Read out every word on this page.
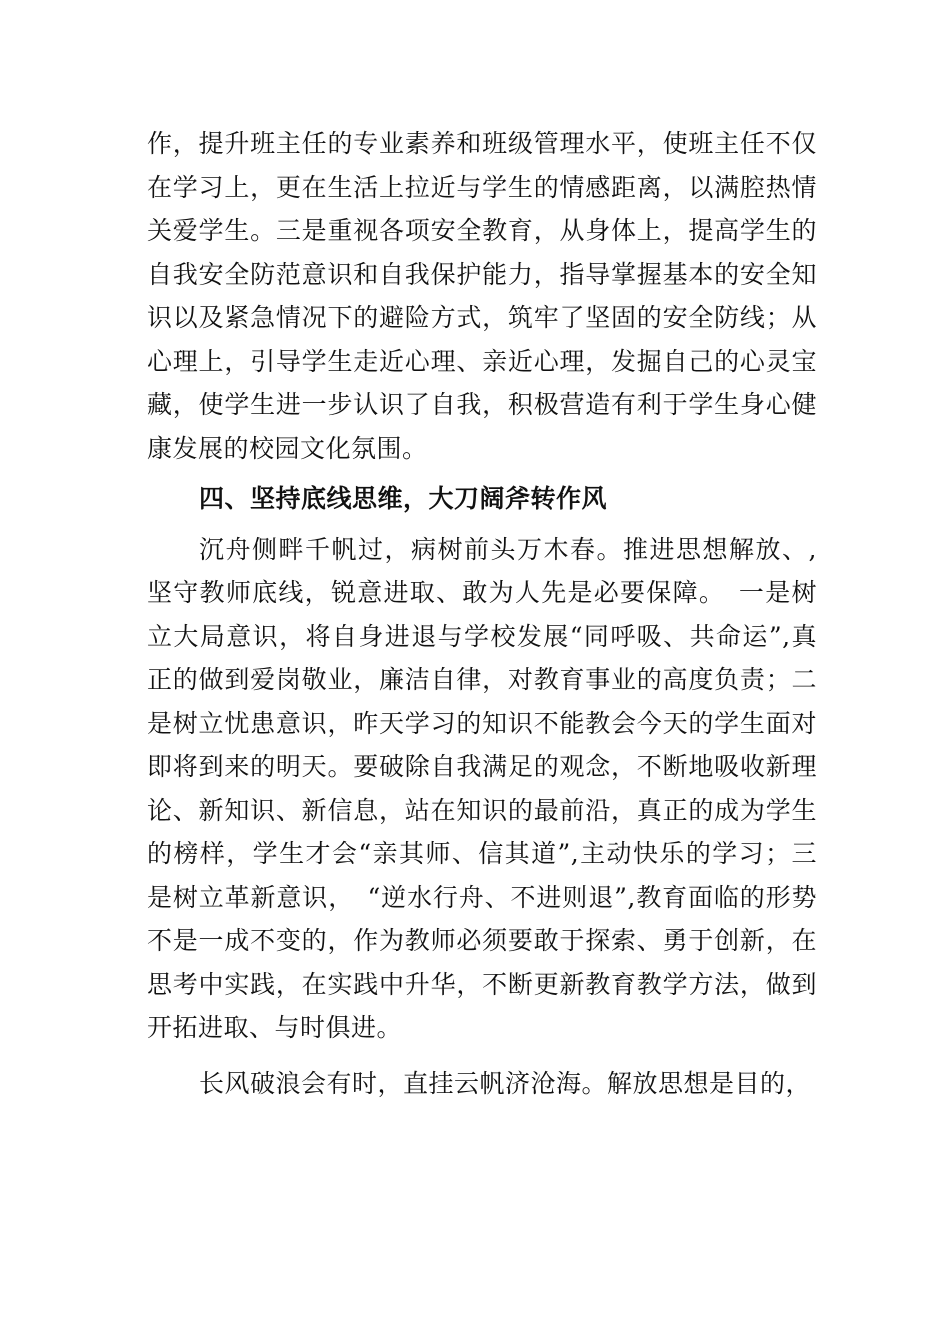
作，提升班主任的专业素养和班级管理水平，使班主任不仅在学习上，更在生活上拉近与学生的情感距离，以满腔热情关爱学生。三是重视各项安全教育，从身体上，提高学生的自我安全防范意识和自我保护能力，指导掌握基本的安全知识以及紧急情况下的避险方式，筑牢了坚固的安全防线；从心理上，引导学生走近心理、亲近心理，发掘自己的心灵宝藏，使学生进一步认识了自我，积极营造有利于学生身心健康发展的校园文化氛围。

四、坚持底线思维，大刀阔斧转作风

沉舟侧畔千帆过，病树前头万木春。推进思想解放、,坚守教师底线，锐意进取、敢为人先是必要保障。　一是树立大局意识，将自身进退与学校发展“同呼吸、共命运”,真正的做到爱岗敬业，廉洁自律，对教育事业的高度负责；二是树立忧患意识，昨天学习的知识不能教会今天的学生面对即将到来的明天。要破除自我满足的观念，不断地吸收新理论、新知识、新信息，站在知识的最前沿，真正的成为学生的榜样，学生才会“亲其师、信其道”,主动快乐的学习；三是树立革新意识，　“逆水行舟、不进则退”,教育面临的形势不是一成不变的，作为教师必须要敢于探索、勇于创新，在思考中实践，在实践中升华，不断更新教育教学方法，做到开拓进取、与时俱进。

长风破浪会有时，直挂云帆济沧海。解放思想是目的，
